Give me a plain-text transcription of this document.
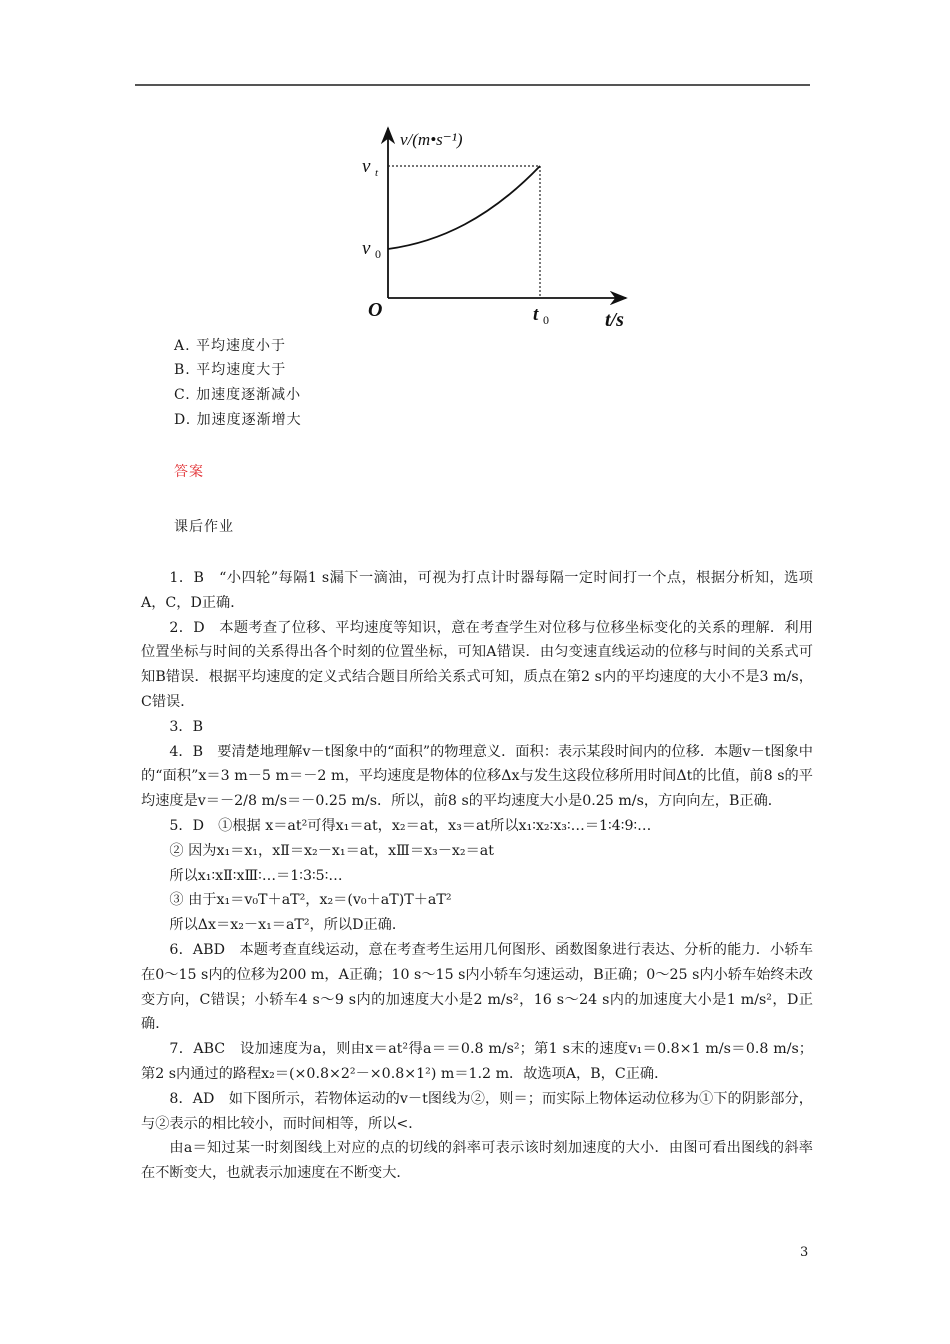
v/(m•s⁻¹)
v t
v 0
O	t 0	t/s
A. 平均速度小于
B. 平均速度大于
C. 加速度逐渐减小
D. 加速度逐渐增大
答案
课后作业

1．B　“小四轮”每隔1 s漏下一滴油，可视为打点计时器每隔一定时间打一个点，根据分析知，选项A，C，D正确．

2．D　本题考查了位移、平均速度等知识，意在考查学生对位移与位移坐标变化的关系的理解．利用位置坐标与时间的关系得出各个时刻的位置坐标，可知A错误．由匀变速直线运动的位移与时间的关系式可知B错误．根据平均速度的定义式结合题目所给关系式可知，质点在第2 s内的平均速度的大小不是3 m/s，C错误．

3．B

4．B　要清楚地理解v－t图象中的“面积”的物理意义．面积：表示某段时间内的位移．本题v－t图象中的“面积”x＝3 m－5 m＝－2 m，平均速度是物体的位移Δx与发生这段位移所用时间Δt的比值，前8 s的平均速度是v＝－2/8 m/s＝－0.25 m/s．所以，前8 s的平均速度大小是0.25 m/s，方向向左，B正确．

5．D　①根据 x＝at²可得x₁＝at，x₂＝at，x₃＝at所以x₁∶x₂∶x₃∶…＝1∶4∶9∶…

② 因为x₁＝x₁，xⅡ＝x₂－x₁＝at，xⅢ＝x₃－x₂＝at

所以x₁∶xⅡ∶xⅢ∶…＝1∶3∶5∶…

③ 由于x₁＝v₀T＋aT²，x₂＝(v₀＋aT)T＋aT²

所以Δx＝x₂－x₁＝aT²，所以D正确．

6．ABD　本题考查直线运动，意在考查考生运用几何图形、函数图象进行表达、分析的能力．小轿车在0～15 s内的位移为200 m，A正确；10 s～15 s内小轿车匀速运动，B正确；0～25 s内小轿车始终未改变方向，C错误；小轿车4 s～9 s内的加速度大小是2 m/s²，16 s～24 s内的加速度大小是1 m/s²，D正确．

7．ABC　设加速度为a，则由x＝at²得a＝＝0.8 m/s²；第1 s末的速度v₁＝0.8×1 m/s＝0.8 m/s；第2 s内通过的路程x₂＝(×0.8×2²－×0.8×1²) m＝1.2 m．故选项A，B，C正确．

8．AD　如下图所示，若物体运动的v－t图线为②，则＝；而实际上物体运动位移为①下的阴影部分，与②表示的相比较小，而时间相等，所以<．

由a＝知过某一时刻图线上对应的点的切线的斜率可表示该时刻加速度的大小．由图可看出图线的斜率在不断变大，也就表示加速度在不断变大．

3
